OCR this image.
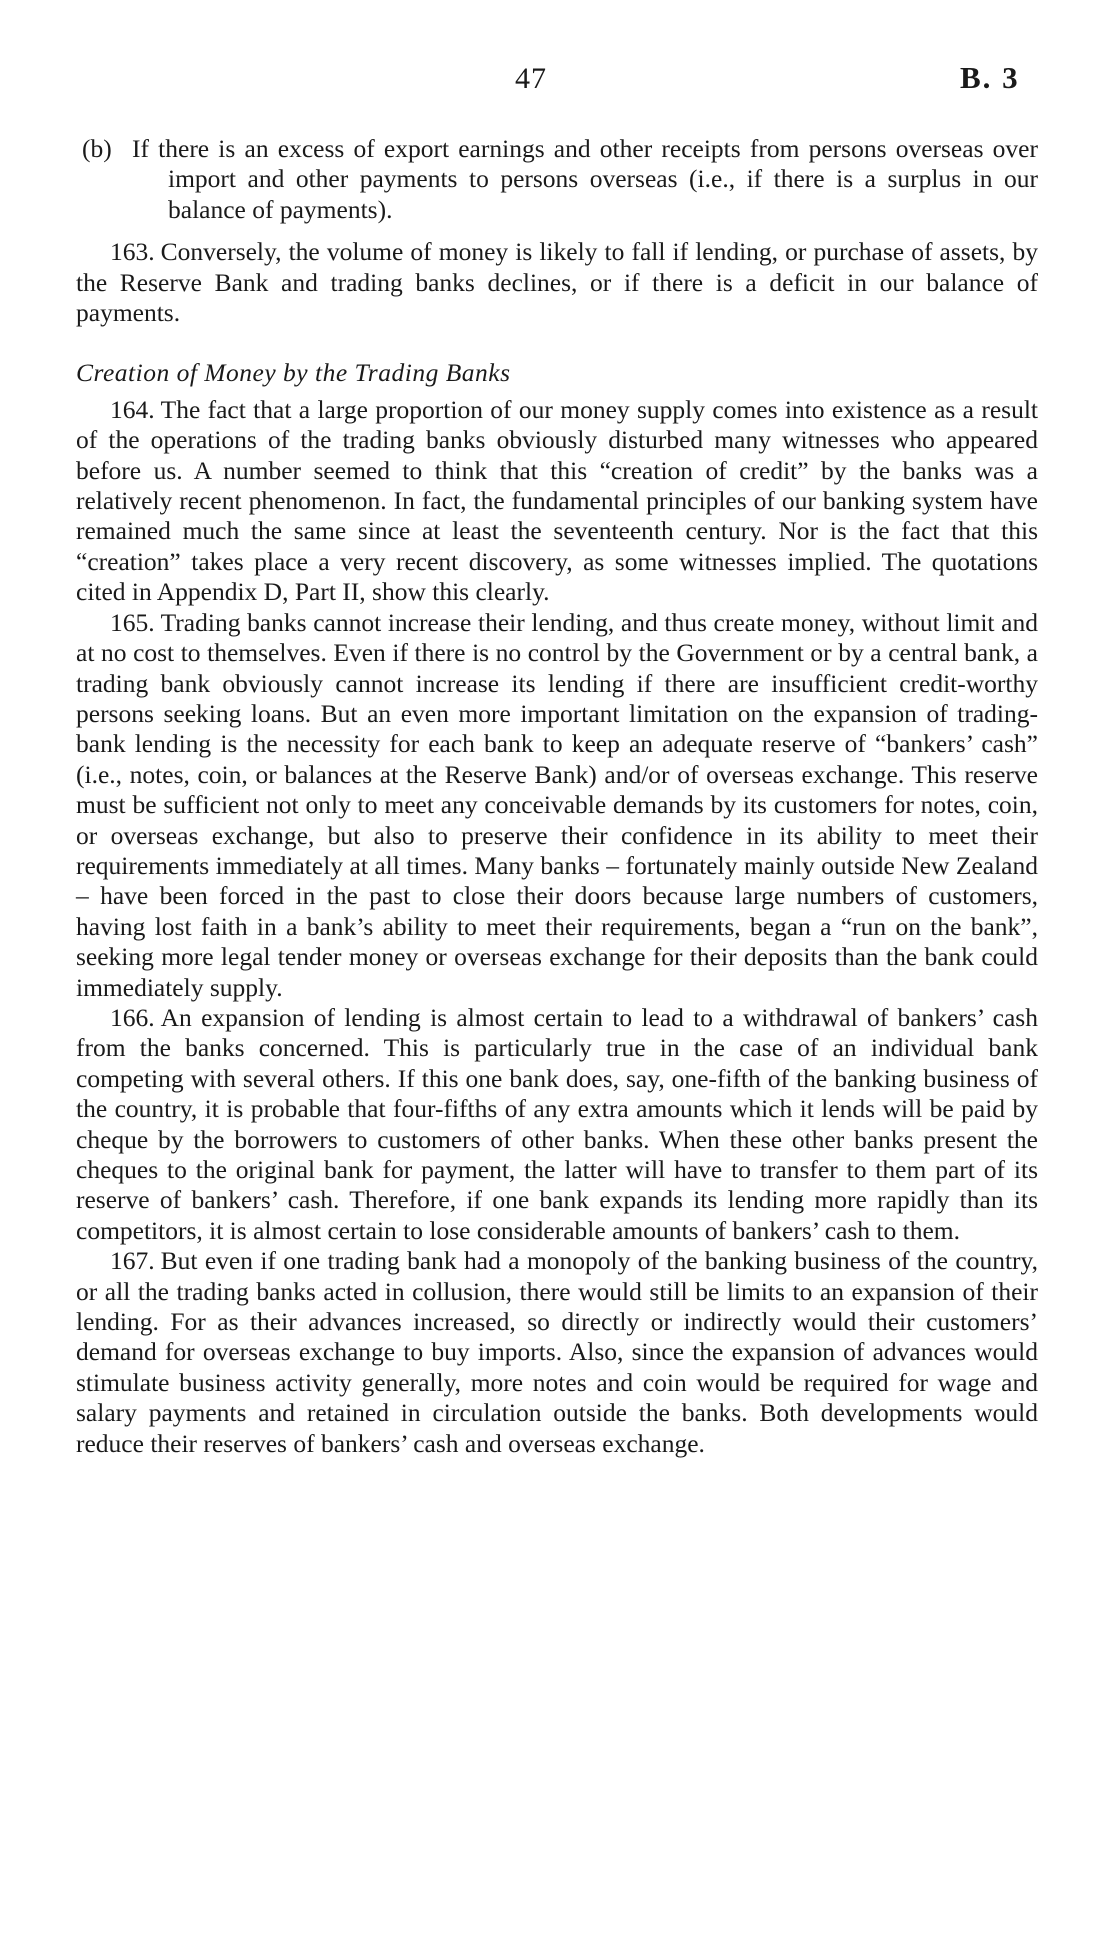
47	B. 3

(b) If there is an excess of export earnings and other receipts from persons overseas over import and other payments to persons overseas (i.e., if there is a surplus in our balance of payments).

163. Conversely, the volume of money is likely to fall if lending, or purchase of assets, by the Reserve Bank and trading banks declines, or if there is a deficit in our balance of payments.

Creation of Money by the Trading Banks

164. The fact that a large proportion of our money supply comes into existence as a result of the operations of the trading banks obviously disturbed many witnesses who appeared before us. A number seemed to think that this “creation of credit” by the banks was a relatively recent phenomenon. In fact, the fundamental principles of our banking system have remained much the same since at least the seventeenth century. Nor is the fact that this “creation” takes place a very recent discovery, as some witnesses implied. The quotations cited in Appendix D, Part II, show this clearly.

165. Trading banks cannot increase their lending, and thus create money, without limit and at no cost to themselves. Even if there is no control by the Government or by a central bank, a trading bank obviously cannot increase its lending if there are insufficient credit-worthy persons seeking loans. But an even more important limitation on the expansion of trading-bank lending is the necessity for each bank to keep an adequate reserve of “bankers’ cash” (i.e., notes, coin, or balances at the Reserve Bank) and/or of overseas exchange. This reserve must be sufficient not only to meet any conceivable demands by its customers for notes, coin, or overseas exchange, but also to preserve their confidence in its ability to meet their requirements immediately at all times. Many banks – fortunately mainly outside New Zealand – have been forced in the past to close their doors because large numbers of customers, having lost faith in a bank’s ability to meet their requirements, began a “run on the bank”, seeking more legal tender money or overseas exchange for their deposits than the bank could immediately supply.

166. An expansion of lending is almost certain to lead to a withdrawal of bankers’ cash from the banks concerned. This is particularly true in the case of an individual bank competing with several others. If this one bank does, say, one-fifth of the banking business of the country, it is probable that four-fifths of any extra amounts which it lends will be paid by cheque by the borrowers to customers of other banks. When these other banks present the cheques to the original bank for payment, the latter will have to transfer to them part of its reserve of bankers’ cash. Therefore, if one bank expands its lending more rapidly than its competitors, it is almost certain to lose considerable amounts of bankers’ cash to them.

167. But even if one trading bank had a monopoly of the banking business of the country, or all the trading banks acted in collusion, there would still be limits to an expansion of their lending. For as their advances increased, so directly or indirectly would their customers’ demand for overseas exchange to buy imports. Also, since the expansion of advances would stimulate business activity generally, more notes and coin would be required for wage and salary payments and retained in circulation outside the banks. Both developments would reduce their reserves of bankers’ cash and overseas exchange.
